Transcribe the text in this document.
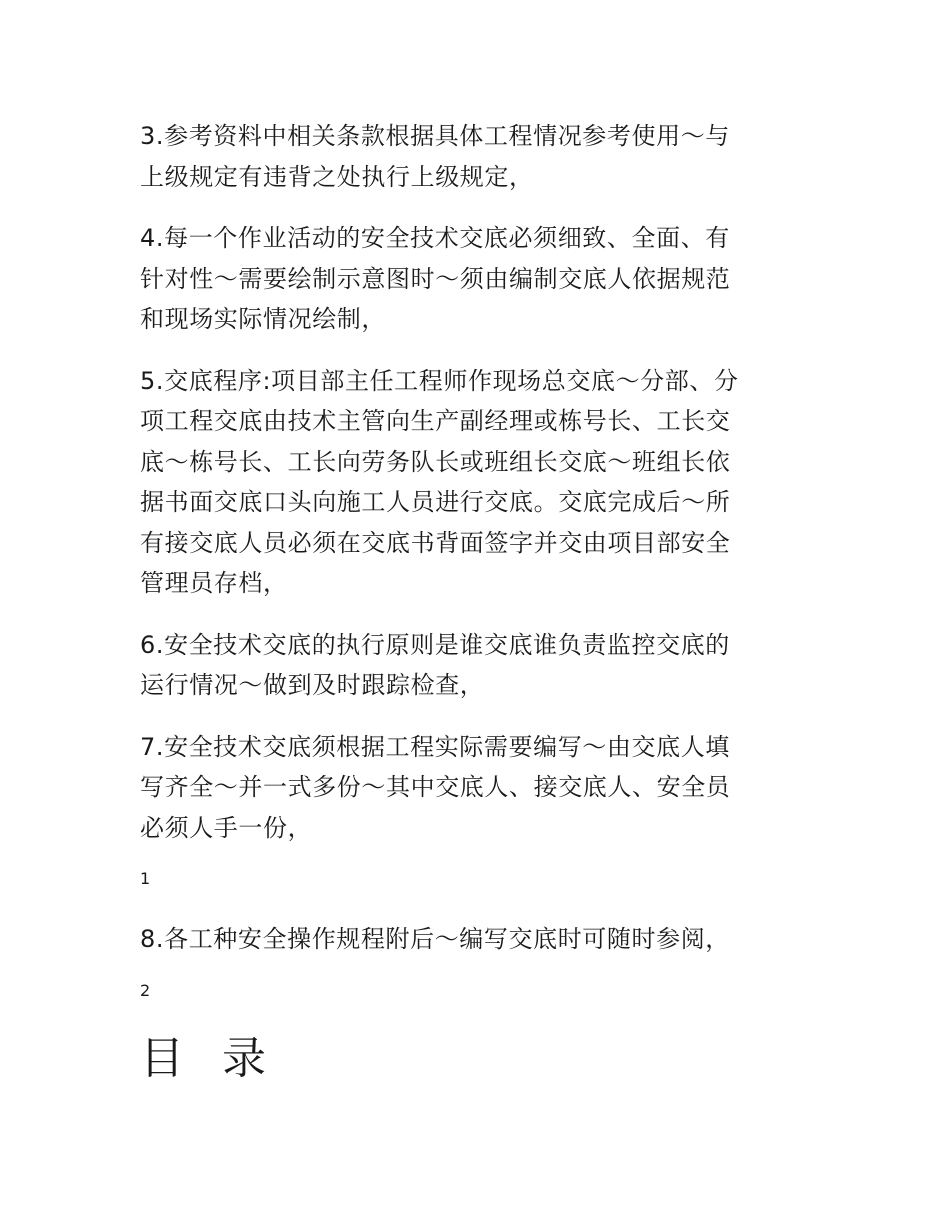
3.参考资料中相关条款根据具体工程情况参考使用～与
上级规定有违背之处执行上级规定，

4.每一个作业活动的安全技术交底必须细致、全面、有
针对性～需要绘制示意图时～须由编制交底人依据规范
和现场实际情况绘制，

5.交底程序:项目部主任工程师作现场总交底～分部、分
项工程交底由技术主管向生产副经理或栋号长、工长交
底～栋号长、工长向劳务队长或班组长交底～班组长依
据书面交底口头向施工人员进行交底。交底完成后～所
有接交底人员必须在交底书背面签字并交由项目部安全
管理员存档，

6.安全技术交底的执行原则是谁交底谁负责监控交底的
运行情况～做到及时跟踪检查，

7.安全技术交底须根据工程实际需要编写～由交底人填
写齐全～并一式多份～其中交底人、接交底人、安全员
必须人手一份，

1

8.各工种安全操作规程附后～编写交底时可随时参阅，

2
目 录
